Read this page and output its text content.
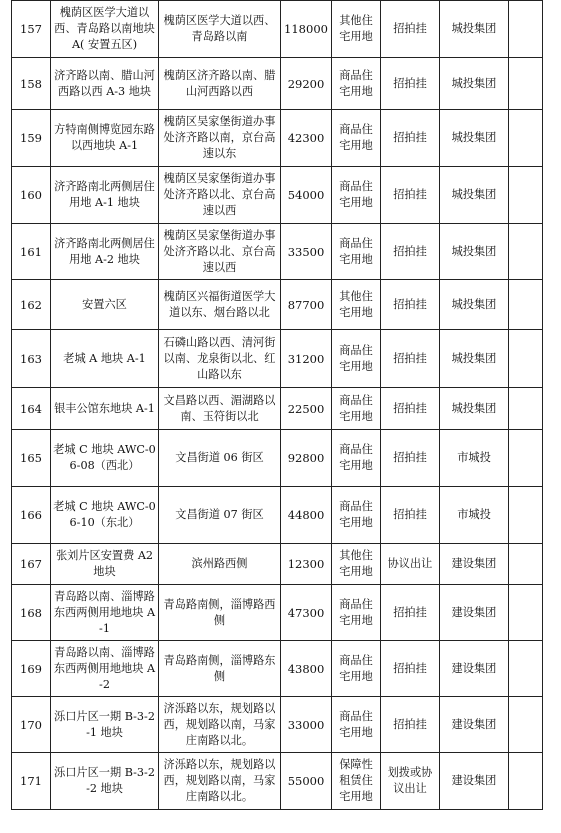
157	槐荫区医学大道以西、青岛路以南地块 A( 安置五区)	槐荫区医学大道以西、青岛路以南	118000	其他住宅用地	招拍挂	城投集团	
158	济齐路以南、腊山河西路以西 A-3 地块	槐荫区济齐路以南、腊山河西路以西	29200	商品住宅用地	招拍挂	城投集团	
159	方特南侧博览园东路以西地块 A-1	槐荫区吴家堡街道办事处济齐路以南，京台高速以东	42300	商品住宅用地	招拍挂	城投集团	
160	济齐路南北两侧居住用地 A-1 地块	槐荫区吴家堡街道办事处济齐路以北、京台高速以西	54000	商品住宅用地	招拍挂	城投集团	
161	济齐路南北两侧居住用地 A-2 地块	槐荫区吴家堡街道办事处济齐路以北、京台高速以西	33500	商品住宅用地	招拍挂	城投集团	
162	安置六区	槐荫区兴福街道医学大道以东、烟台路以北	87700	其他住宅用地	招拍挂	城投集团	
163	老城 A 地块 A-1	石磷山路以西、清河街以南、龙泉街以北、红山路以东	31200	商品住宅用地	招拍挂	城投集团	
164	银丰公馆东地块 A-1	文昌路以西、湄湖路以南、玉符街以北	22500	商品住宅用地	招拍挂	城投集团	
165	老城 C 地块 AWC-06-08（西北）	文昌街道 06 街区	92800	商品住宅用地	招拍挂	市城投	
166	老城 C 地块 AWC-06-10（东北）	文昌街道 07 街区	44800	商品住宅用地	招拍挂	市城投	
167	张刘片区安置费 A2 地块	滨州路西侧	12300	其他住宅用地	协议出让	建设集团	
168	青岛路以南、淄博路东西两侧用地地块 A-1	青岛路南侧，淄博路西侧	47300	商品住宅用地	招拍挂	建设集团	
169	青岛路以南、淄博路东西两侧用地地块 A-2	青岛路南侧，淄博路东侧	43800	商品住宅用地	招拍挂	建设集团	
170	泺口片区一期 B-3-2-1 地块	济泺路以东，规划路以西，规划路以南，马家庄南路以北。	33000	商品住宅用地	招拍挂	建设集团	
171	泺口片区一期 B-3-2-2 地块	济泺路以东，规划路以西，规划路以南，马家庄南路以北。	55000	保障性租赁住宅用地	划拨或协议出让	建设集团	
